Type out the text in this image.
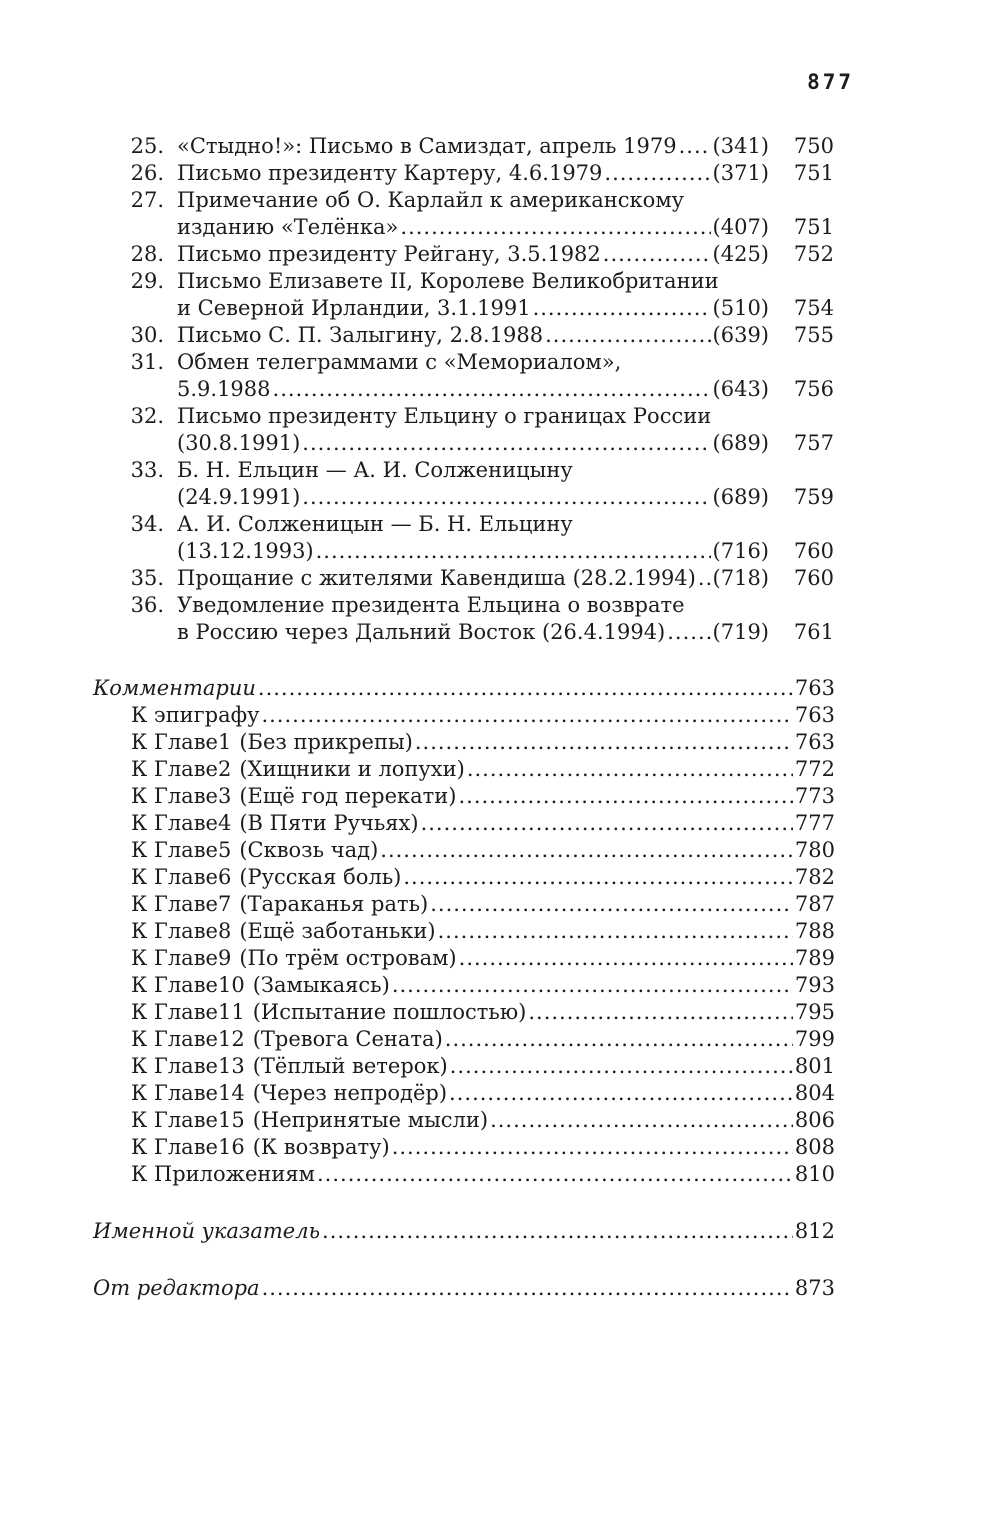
877
25. «Стыдно!»: Письмо в Самиздат, апрель 1979 ..... (341)	750
26. Письмо президенту Картеру, 4.6.1979 .....	(371)	751
27. Примечание об О. Карлайл к американскому
изданию «Телёнка» .....	(407)	751
28. Письмо президенту Рейгану, 3.5.1982 .....	(425)	752
29. Письмо Елизавете II, Королеве Великобритании
и Северной Ирландии, 3.1.1991 .....	(510)	754
30. Письмо С. П. Залыгину, 2.8.1988 .....	(639)	755
31. Обмен телеграммами с «Мемориалом»,
5.9.1988 .....	(643)	756
32. Письмо президенту Ельцину о границах России
(30.8.1991) .....	(689)	757
33. Б. Н. Ельцин — А. И. Солженицыну
(24.9.1991) .....	(689)	759
34. А. И. Солженицын — Б. Н. Ельцину
(13.12.1993) .....	(716)	760
35. Прощание с жителями Кавендиша (28.2.1994) ..... (718)	760
36. Уведомление президента Ельцина о возврате
в Россию через Дальний Восток (26.4.1994) ..... (719)	761
Комментарии .....	763
К эпиграфу .....	763
К Главе 1 (Без прикрепы) .....	763
К Главе 2 (Хищники и лопухи) .....	772
К Главе 3 (Ещё год перекати) .....	773
К Главе 4 (В Пяти Ручьях) .....	777
К Главе 5 (Сквозь чад) .....	780
К Главе 6 (Русская боль) .....	782
К Главе 7 (Тараканья рать) .....	787
К Главе 8 (Ещё заботаньки) .....	788
К Главе 9 (По трём островам) .....	789
К Главе 10 (Замыкаясь) .....	793
К Главе 11 (Испытание пошлостью) .....	795
К Главе 12 (Тревога Сената) .....	799
К Главе 13 (Тёплый ветерок) .....	801
К Главе 14 (Через непродёр) .....	804
К Главе 15 (Непринятые мысли) .....	806
К Главе 16 (К возврату) .....	808
К Приложениям .....	810
Именной указатель .....	812
От редактора .....	873
